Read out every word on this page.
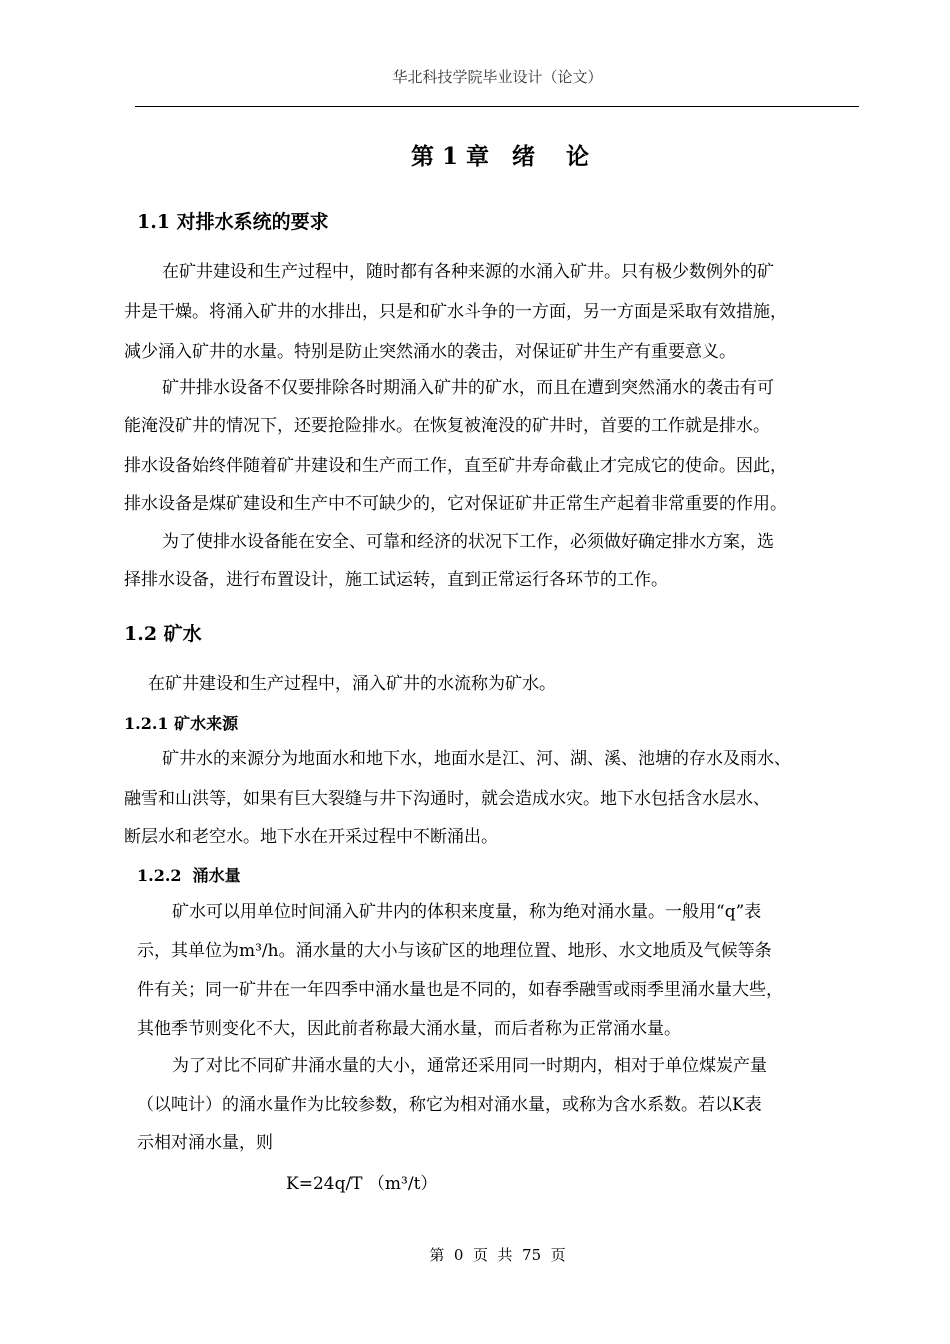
华北科技学院毕业设计（论文）
第 1 章　绪　 论
1.1 对排水系统的要求
在矿井建设和生产过程中，随时都有各种来源的水涌入矿井。只有极少数例外的矿
井是干燥。将涌入矿井的水排出，只是和矿水斗争的一方面，另一方面是采取有效措施，
减少涌入矿井的水量。特别是防止突然涌水的袭击，对保证矿井生产有重要意义。
矿井排水设备不仅要排除各时期涌入矿井的矿水，而且在遭到突然涌水的袭击有可
能淹没矿井的情况下，还要抢险排水。在恢复被淹没的矿井时，首要的工作就是排水。
排水设备始终伴随着矿井建设和生产而工作，直至矿井寿命截止才完成它的使命。因此，
排水设备是煤矿建设和生产中不可缺少的，它对保证矿井正常生产起着非常重要的作用。
为了使排水设备能在安全、可靠和经济的状况下工作，必须做好确定排水方案，选
择排水设备，进行布置设计，施工试运转，直到正常运行各环节的工作。
1.2 矿水
在矿井建设和生产过程中，涌入矿井的水流称为矿水。
1.2.1 矿水来源
矿井水的来源分为地面水和地下水，地面水是江、河、湖、溪、池塘的存水及雨水、
融雪和山洪等，如果有巨大裂缝与井下沟通时，就会造成水灾。地下水包括含水层水、
断层水和老空水。地下水在开采过程中不断涌出。
1.2.2  涌水量
矿水可以用单位时间涌入矿井内的体积来度量，称为绝对涌水量。一般用“q”表
示，其单位为m³/h。涌水量的大小与该矿区的地理位置、地形、水文地质及气候等条
件有关；同一矿井在一年四季中涌水量也是不同的，如春季融雪或雨季里涌水量大些，
其他季节则变化不大，因此前者称最大涌水量，而后者称为正常涌水量。
为了对比不同矿井涌水量的大小，通常还采用同一时期内，相对于单位煤炭产量
（以吨计）的涌水量作为比较参数，称它为相对涌水量，或称为含水系数。若以K表
示相对涌水量，则
K=24q/T （m³/t）
第  0  页  共  75  页
